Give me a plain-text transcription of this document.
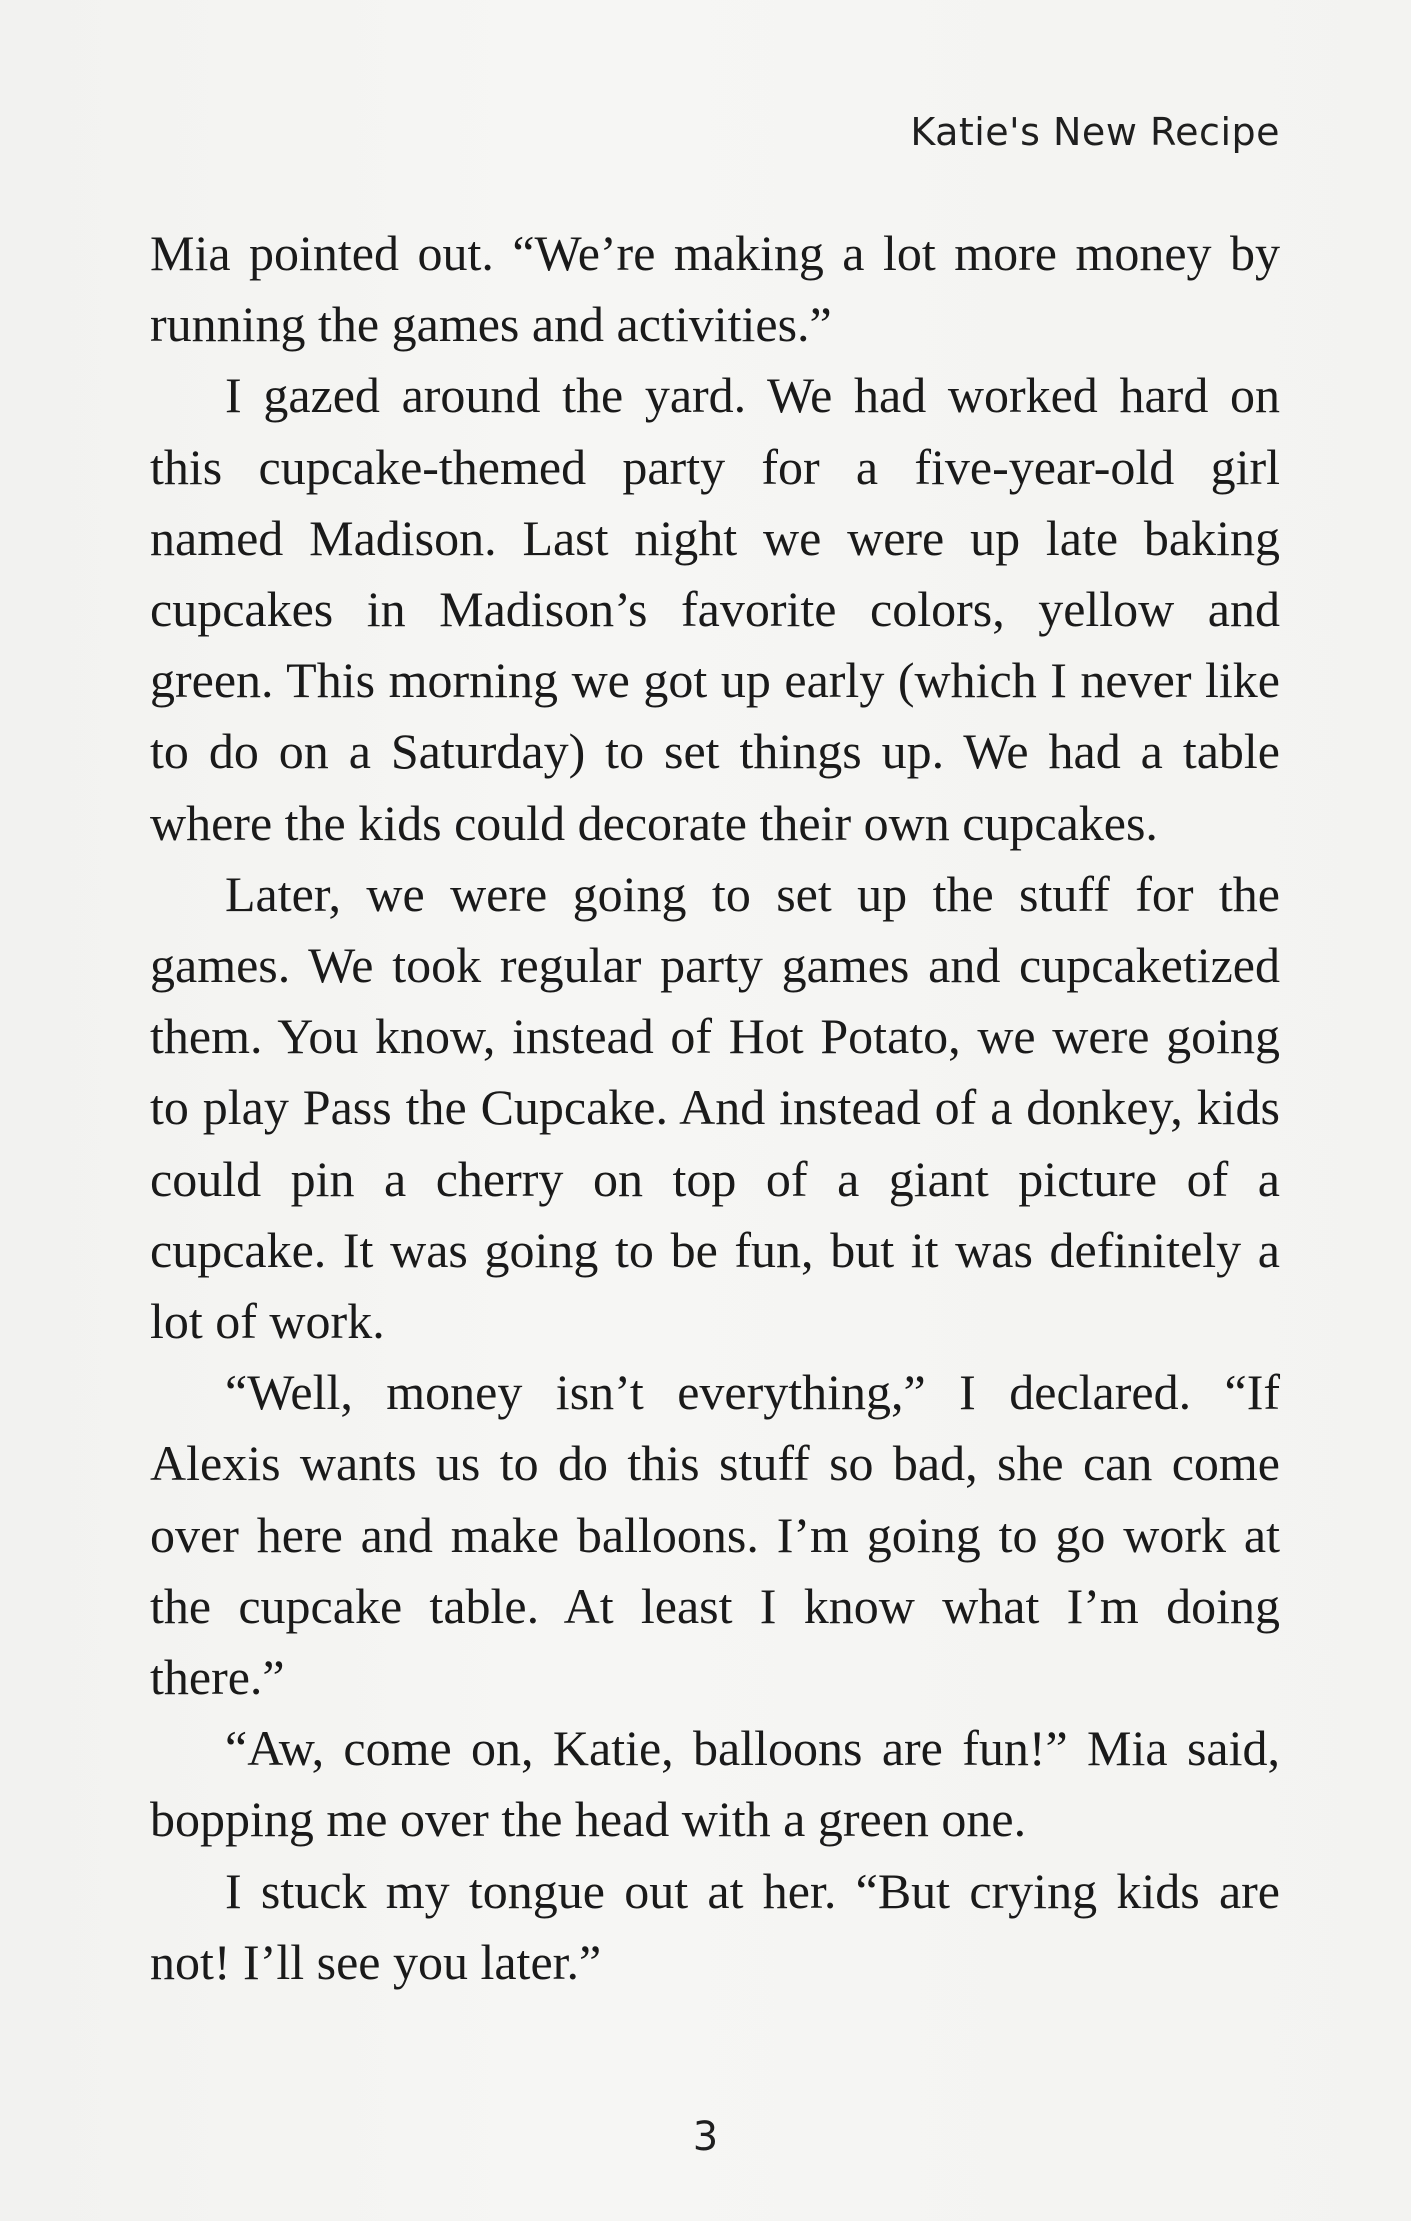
Katie's New Recipe

Mia pointed out. “We’re making a lot more money by running the games and activities.”

I gazed around the yard. We had worked hard on this cupcake-themed party for a five-year-old girl named Madison. Last night we were up late baking cupcakes in Madison’s favorite colors, yellow and green. This morning we got up early (which I never like to do on a Saturday) to set things up. We had a table where the kids could decorate their own cupcakes.

Later, we were going to set up the stuff for the games. We took regular party games and cupcaketized them. You know, instead of Hot Potato, we were going to play Pass the Cupcake. And instead of a donkey, kids could pin a cherry on top of a giant picture of a cupcake. It was going to be fun, but it was definitely a lot of work.

“Well, money isn’t everything,” I declared. “If Alexis wants us to do this stuff so bad, she can come over here and make balloons. I’m going to go work at the cupcake table. At least I know what I’m doing there.”

“Aw, come on, Katie, balloons are fun!” Mia said, bopping me over the head with a green one.

I stuck my tongue out at her. “But crying kids are not! I’ll see you later.”

3
